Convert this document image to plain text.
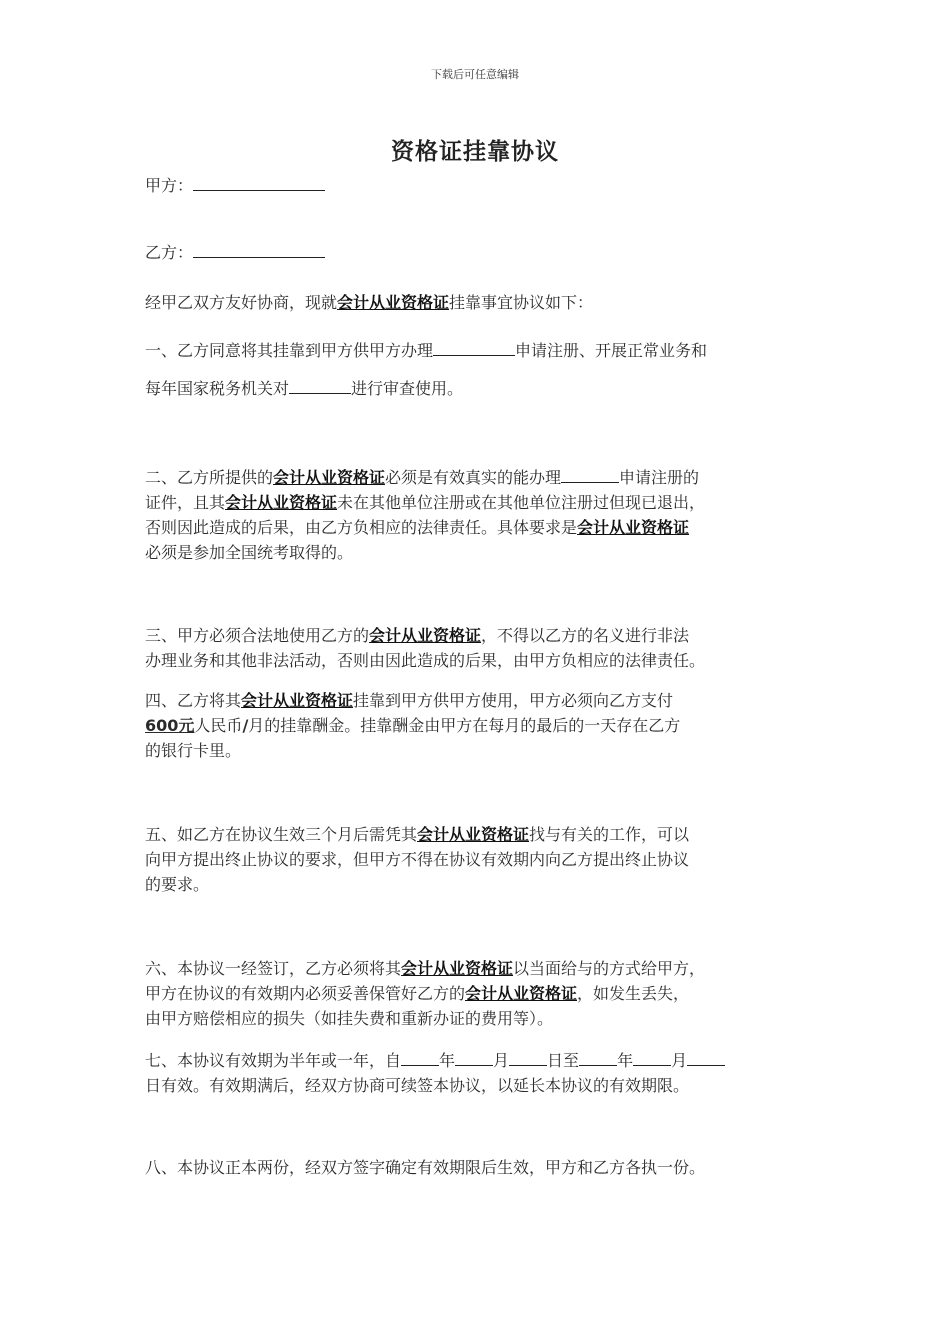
下载后可任意编辑
资格证挂靠协议
甲方：
乙方：
经甲乙双方友好协商，现就会计从业资格证挂靠事宜协议如下：
一、乙方同意将其挂靠到甲方供甲方办理	申请注册、开展正常业务和
每年国家税务机关对	进行审查使用。
二、乙方所提供的会计从业资格证必须是有效真实的能办理	申请注册的
证件，且其会计从业资格证未在其他单位注册或在其他单位注册过但现已退出，
否则因此造成的后果，由乙方负相应的法律责任。具体要求是会计从业资格证
必须是参加全国统考取得的。
三、甲方必须合法地使用乙方的会计从业资格证，不得以乙方的名义进行非法
办理业务和其他非法活动，否则由因此造成的后果，由甲方负相应的法律责任。
四、乙方将其会计从业资格证挂靠到甲方供甲方使用，甲方必须向乙方支付
600元人民币/月的挂靠酬金。挂靠酬金由甲方在每月的最后的一天存在乙方
的银行卡里。
五、如乙方在协议生效三个月后需凭其会计从业资格证找与有关的工作，可以
向甲方提出终止协议的要求，但甲方不得在协议有效期内向乙方提出终止协议
的要求。
六、本协议一经签订，乙方必须将其会计从业资格证以当面给与的方式给甲方，
甲方在协议的有效期内必须妥善保管好乙方的会计从业资格证，如发生丢失，
由甲方赔偿相应的损失（如挂失费和重新办证的费用等）。
七、本协议有效期为半年或一年，自 年 月 日至 年 月
日有效。有效期满后，经双方协商可续签本协议，以延长本协议的有效期限。
八、本协议正本两份，经双方签字确定有效期限后生效，甲方和乙方各执一份。
